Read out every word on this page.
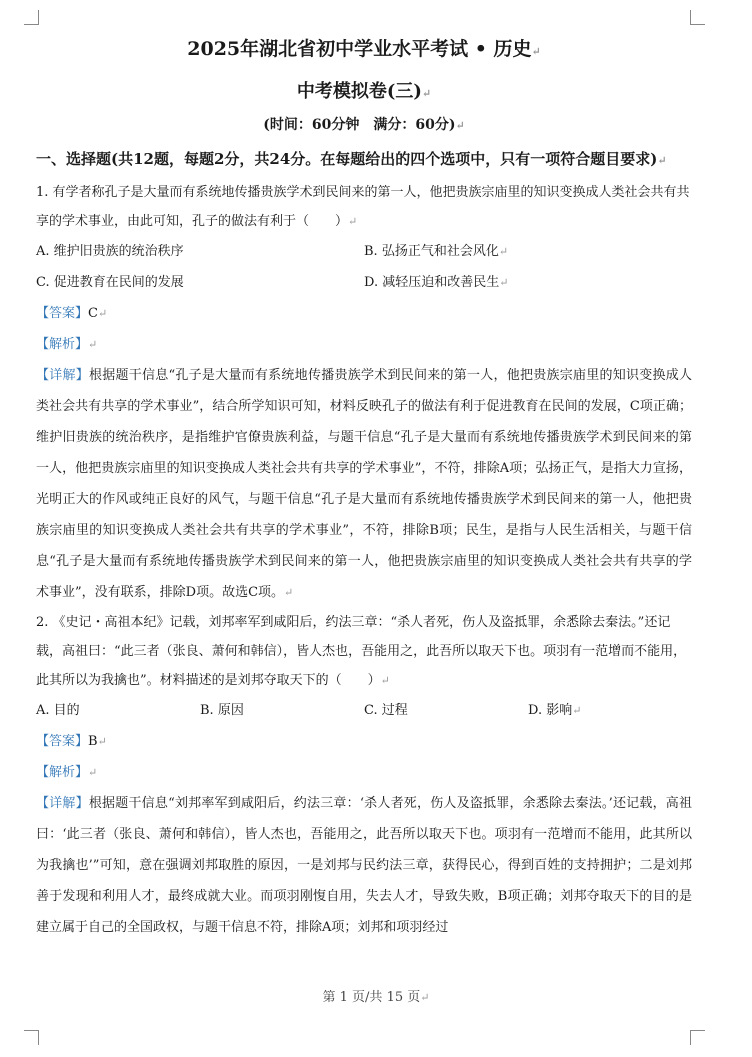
2025年湖北省初中学业水平考试 • 历史↵
中考模拟卷(三)↵
(时间：60分钟　满分：60分)↵
一、选择题(共12题，每题2分，共24分。在每题给出的四个选项中，只有一项符合题目要求)↵

1. 有学者称孔子是大量而有系统地传播贵族学术到民间来的第一人，他把贵族宗庙里的知识变换成人类社会共有共享的学术事业，由此可知，孔子的做法有利于（　　）↵

A. 维护旧贵族的统治秩序	B. 弘扬正气和社会风化↵
C. 促进教育在民间的发展	D. 减轻压迫和改善民生↵

【答案】C↵

【解析】↵

【详解】根据题干信息“孔子是大量而有系统地传播贵族学术到民间来的第一人，他把贵族宗庙里的知识变换成人类社会共有共享的学术事业”，结合所学知识可知，材料反映孔子的做法有利于促进教育在民间的发展，C项正确；维护旧贵族的统治秩序，是指维护官僚贵族利益，与题干信息“孔子是大量而有系统地传播贵族学术到民间来的第一人，他把贵族宗庙里的知识变换成人类社会共有共享的学术事业”，不符，排除A项；弘扬正气，是指大力宣扬，光明正大的作风或纯正良好的风气，与题干信息“孔子是大量而有系统地传播贵族学术到民间来的第一人，他把贵族宗庙里的知识变换成人类社会共有共享的学术事业”，不符，排除B项；民生，是指与人民生活相关，与题干信息“孔子是大量而有系统地传播贵族学术到民间来的第一人，他把贵族宗庙里的知识变换成人类社会共有共享的学术事业”，没有联系，排除D项。故选C项。↵

2. 《史记・高祖本纪》记载，刘邦率军到咸阳后，约法三章：“杀人者死，伤人及盗抵罪，余悉除去秦法。”还记载，高祖曰：“此三者（张良、萧何和韩信），皆人杰也，吾能用之，此吾所以取天下也。项羽有一范增而不能用，此其所以为我擒也”。材料描述的是刘邦夺取天下的（　　）↵

A. 目的	B. 原因	C. 过程	D. 影响↵

【答案】B↵

【解析】↵

【详解】根据题干信息“刘邦率军到咸阳后，约法三章：‘杀人者死，伤人及盗抵罪，余悉除去秦法。’还记载，高祖曰：‘此三者（张良、萧何和韩信），皆人杰也，吾能用之，此吾所以取天下也。项羽有一范增而不能用，此其所以为我擒也’”可知，意在强调刘邦取胜的原因，一是刘邦与民约法三章，获得民心，得到百姓的支持拥护；二是刘邦善于发现和利用人才，最终成就大业。而项羽刚愎自用，失去人才，导致失败，B项正确；刘邦夺取天下的目的是建立属于自己的全国政权，与题干信息不符，排除A项；刘邦和项羽经过

第 1 页/共 15 页↵
